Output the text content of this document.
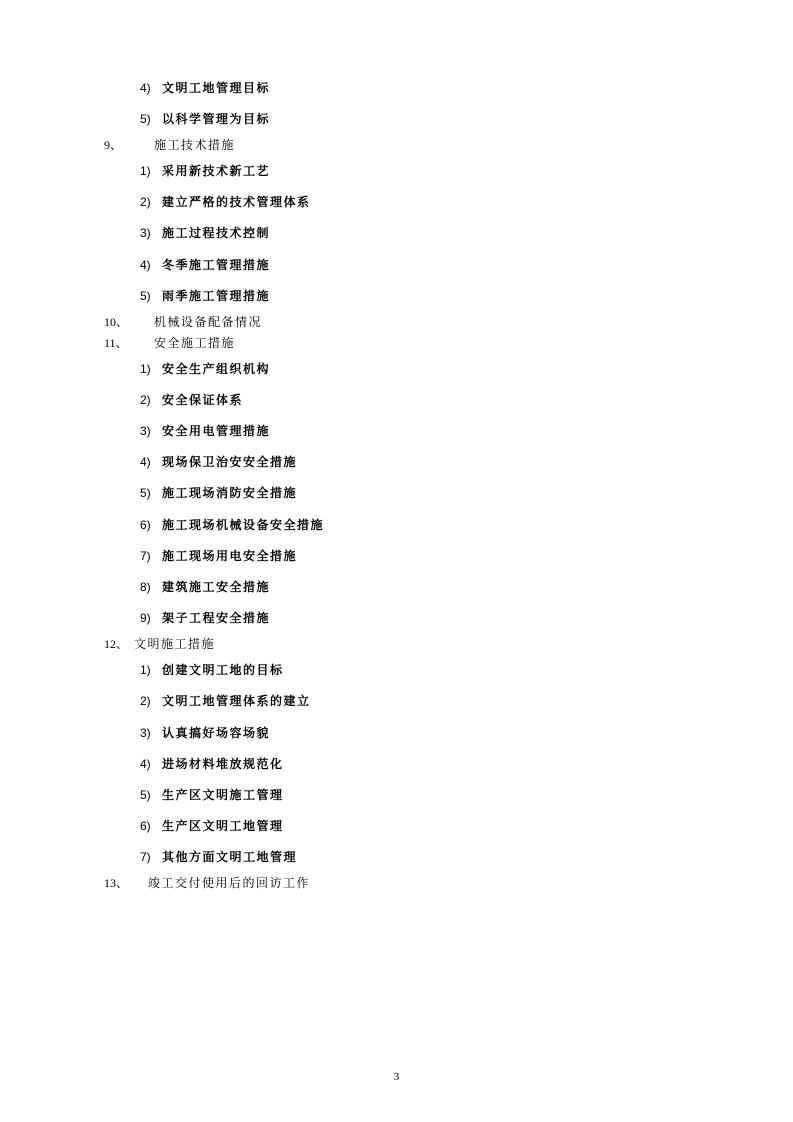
4) 文明工地管理目标
5) 以科学管理为目标
9、	施工技术措施
1) 采用新技术新工艺
2) 建立严格的技术管理体系
3) 施工过程技术控制
4) 冬季施工管理措施
5) 雨季施工管理措施
10、 机械设备配备情况
11、 安全施工措施
1) 安全生产组织机构
2) 安全保证体系
3) 安全用电管理措施
4) 现场保卫治安安全措施
5) 施工现场消防安全措施
6) 施工现场机械设备安全措施
7) 施工现场用电安全措施
8) 建筑施工安全措施
9) 架子工程安全措施
12、 文明施工措施
1) 创建文明工地的目标
2) 文明工地管理体系的建立
3) 认真搞好场容场貌
4) 进场材料堆放规范化
5) 生产区文明施工管理
6) 生产区文明工地管理
7) 其他方面文明工地管理
13、 竣工交付使用后的回访工作
3
